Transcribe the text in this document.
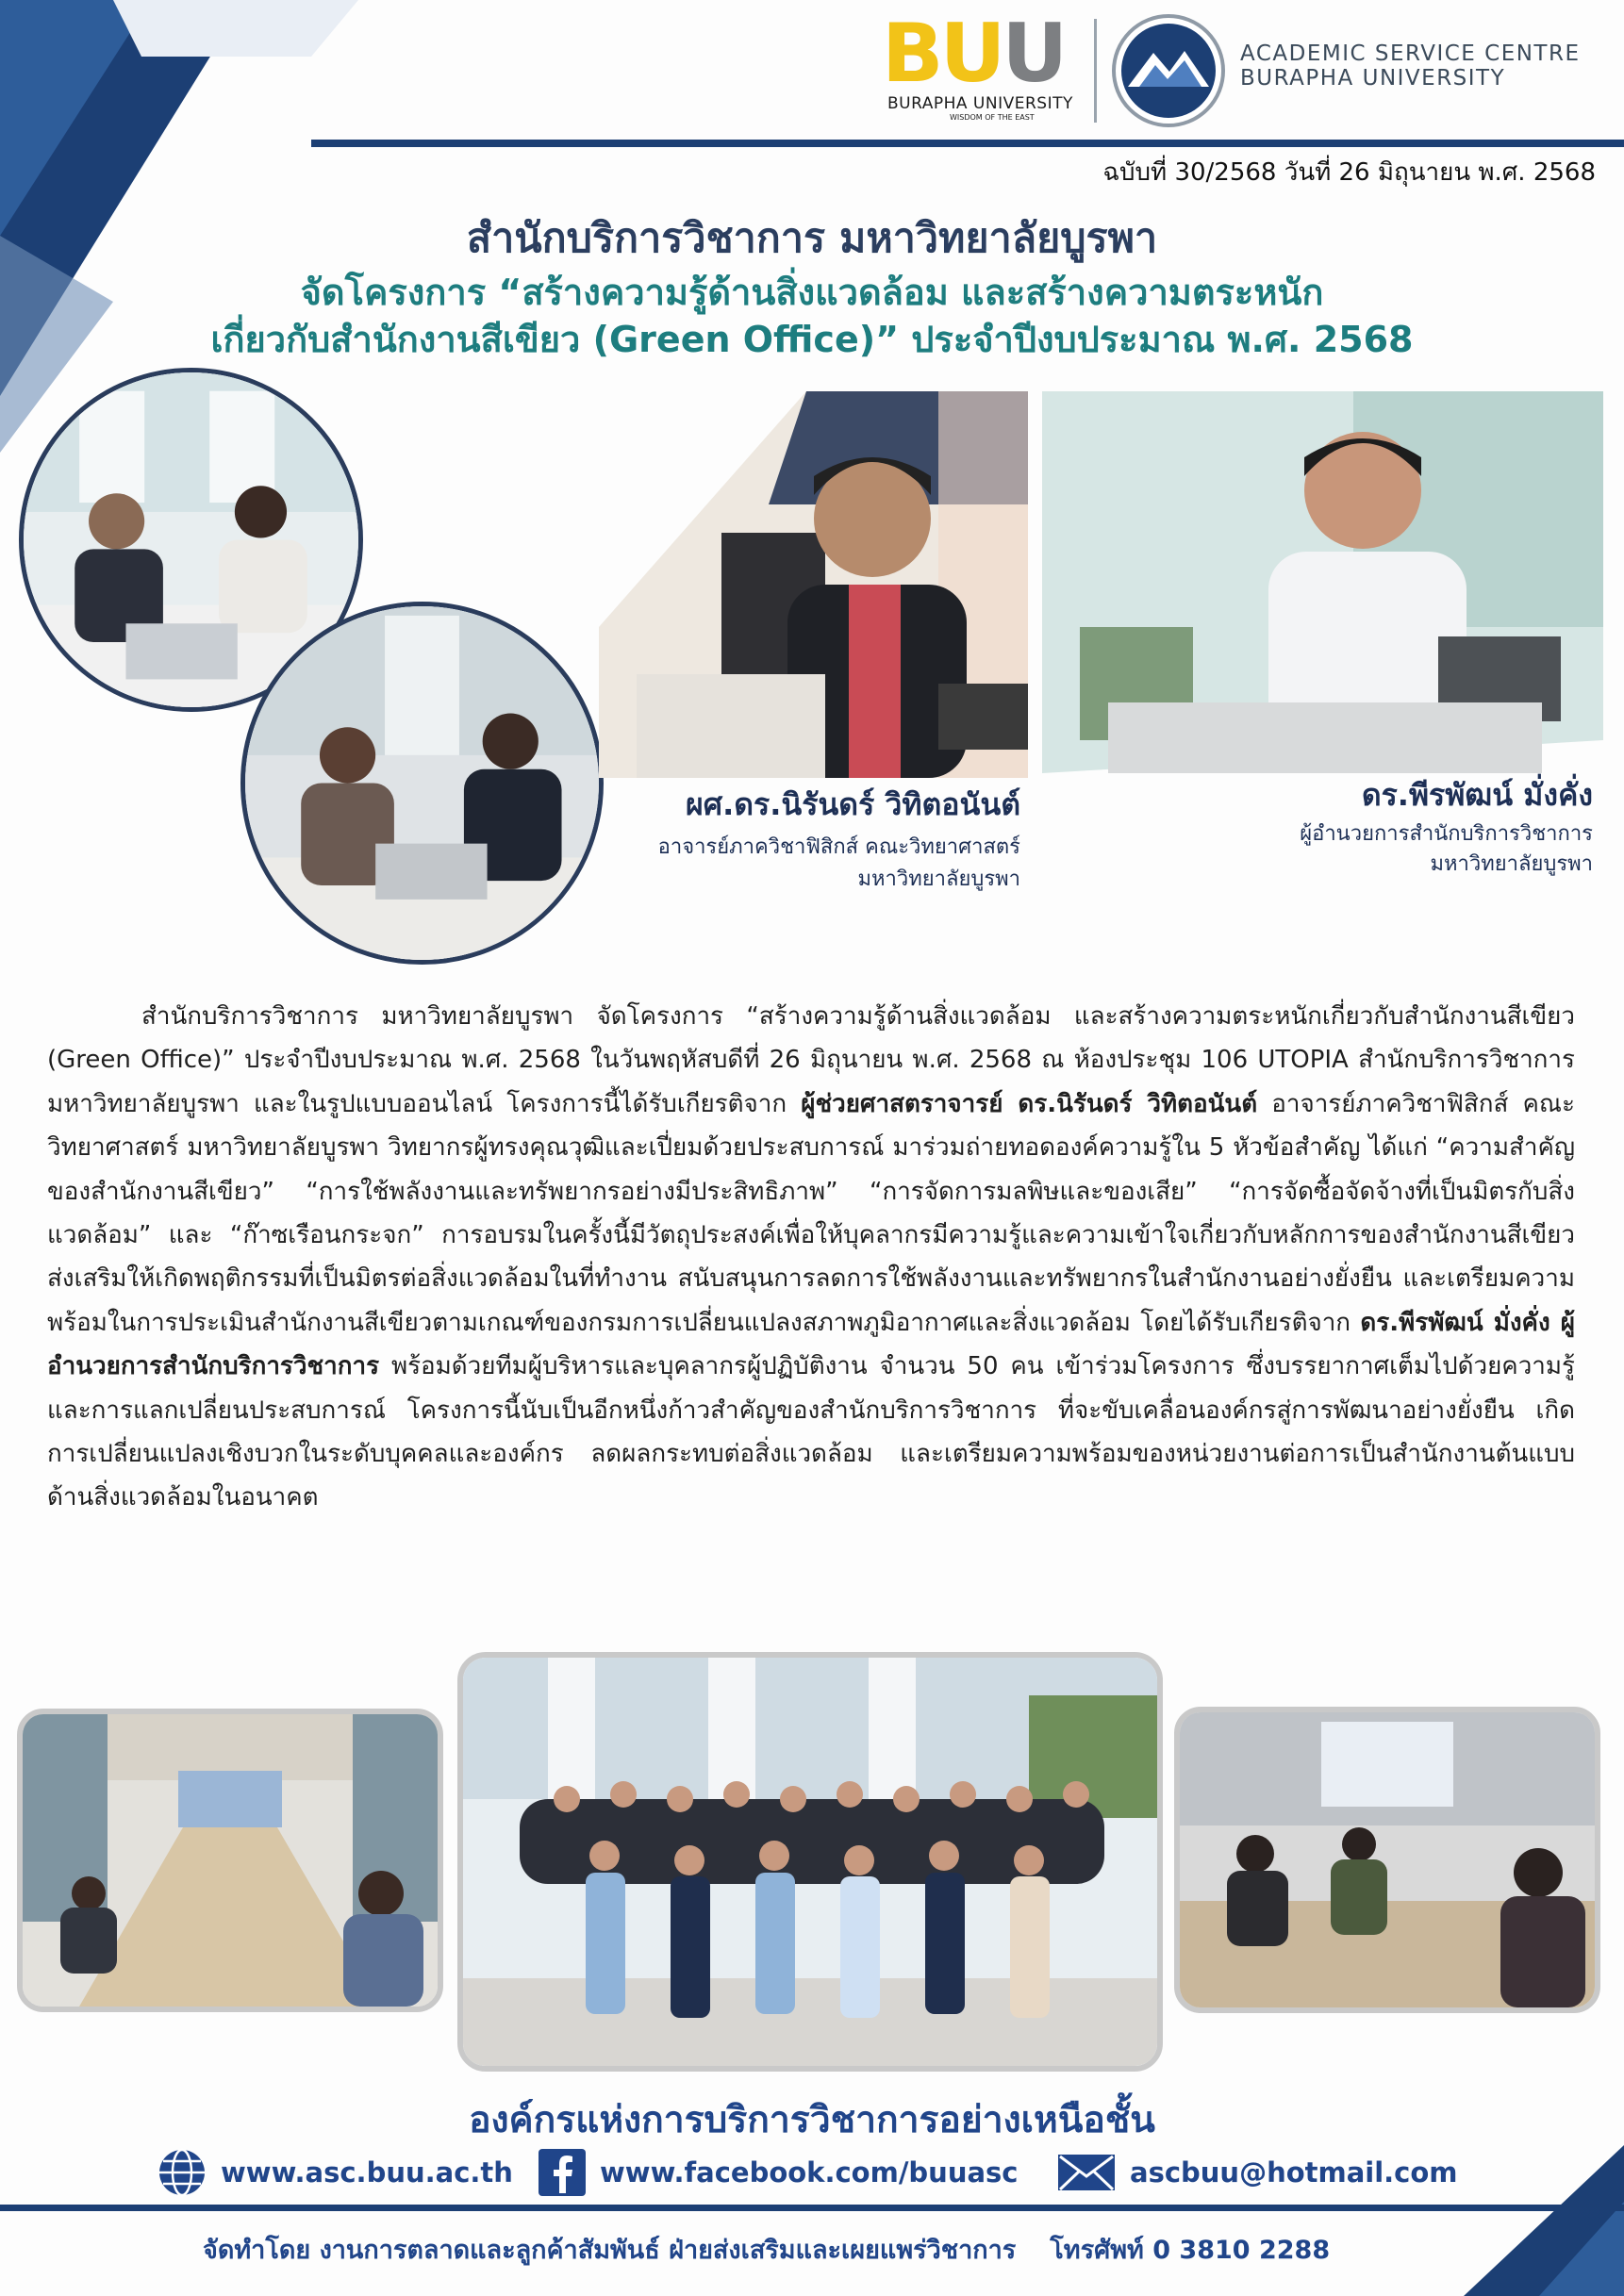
BUU
BURAPHA UNIVERSITY
WISDOM OF THE EAST
ACADEMIC SERVICE CENTRE
BURAPHA UNIVERSITY
ฉบับที่ 30/2568 วันที่ 26 มิถุนายน พ.ศ. 2568
สำนักบริการวิชาการ มหาวิทยาลัยบูรพา
จัดโครงการ “สร้างความรู้ด้านสิ่งแวดล้อม และสร้างความตระหนัก
เกี่ยวกับสำนักงานสีเขียว (Green Office)” ประจำปีงบประมาณ พ.ศ. 2568
ผศ.ดร.นิรันดร์ วิทิตอนันต์
อาจารย์ภาควิชาฟิสิกส์ คณะวิทยาศาสตร์
มหาวิทยาลัยบูรพา
ดร.พีรพัฒน์ มั่งคั่ง
ผู้อำนวยการสำนักบริการวิชาการ
มหาวิทยาลัยบูรพา
สำนักบริการวิชาการ มหาวิทยาลัยบูรพา จัดโครงการ “สร้างความรู้ด้านสิ่งแวดล้อม และสร้างความตระหนักเกี่ยวกับสำนักงานสีเขียว (Green Office)” ประจำปีงบประมาณ พ.ศ. 2568 ในวันพฤหัสบดีที่ 26 มิถุนายน พ.ศ. 2568 ณ ห้องประชุม 106 UTOPIA สำนักบริการวิชาการ มหาวิทยาลัยบูรพา และในรูปแบบออนไลน์ โครงการนี้ได้รับเกียรติจาก ผู้ช่วยศาสตราจารย์ ดร.นิรันดร์ วิทิตอนันต์ อาจารย์ภาควิชาฟิสิกส์ คณะวิทยาศาสตร์ มหาวิทยาลัยบูรพา วิทยากรผู้ทรงคุณวุฒิและเปี่ยมด้วยประสบการณ์ มาร่วมถ่ายทอดองค์ความรู้ใน 5 หัวข้อสำคัญ ได้แก่ “ความสำคัญของสำนักงานสีเขียว” “การใช้พลังงานและทรัพยากรอย่างมีประสิทธิภาพ” “การจัดการมลพิษและของเสีย” “การจัดซื้อจัดจ้างที่เป็นมิตรกับสิ่งแวดล้อม” และ “ก๊าซเรือนกระจก” การอบรมในครั้งนี้มีวัตถุประสงค์เพื่อให้บุคลากรมีความรู้และความเข้าใจเกี่ยวกับหลักการของสำนักงานสีเขียว ส่งเสริมให้เกิดพฤติกรรมที่เป็นมิตรต่อสิ่งแวดล้อมในที่ทำงาน สนับสนุนการลดการใช้พลังงานและทรัพยากรในสำนักงานอย่างยั่งยืน และเตรียมความพร้อมในการประเมินสำนักงานสีเขียวตามเกณฑ์ของกรมการเปลี่ยนแปลงสภาพภูมิอากาศและสิ่งแวดล้อม โดยได้รับเกียรติจาก ดร.พีรพัฒน์ มั่งคั่ง ผู้อำนวยการสำนักบริการวิชาการ พร้อมด้วยทีมผู้บริหารและบุคลากรผู้ปฏิบัติงาน จำนวน 50 คน เข้าร่วมโครงการ ซึ่งบรรยากาศเต็มไปด้วยความรู้ และการแลกเปลี่ยนประสบการณ์ โครงการนี้นับเป็นอีกหนึ่งก้าวสำคัญของสำนักบริการวิชาการ ที่จะขับเคลื่อนองค์กรสู่การพัฒนาอย่างยั่งยืน เกิดการเปลี่ยนแปลงเชิงบวกในระดับบุคคลและองค์กร ลดผลกระทบต่อสิ่งแวดล้อม และเตรียมความพร้อมของหน่วยงานต่อการเป็นสำนักงานต้นแบบด้านสิ่งแวดล้อมในอนาคต
องค์กรแห่งการบริการวิชาการอย่างเหนือชั้น
www.asc.buu.ac.th	www.facebook.com/buuasc	ascbuu@hotmail.com
จัดทำโดย งานการตลาดและลูกค้าสัมพันธ์ ฝ่ายส่งเสริมและเผยแพร่วิชาการ โทรศัพท์ 0 3810 2288
